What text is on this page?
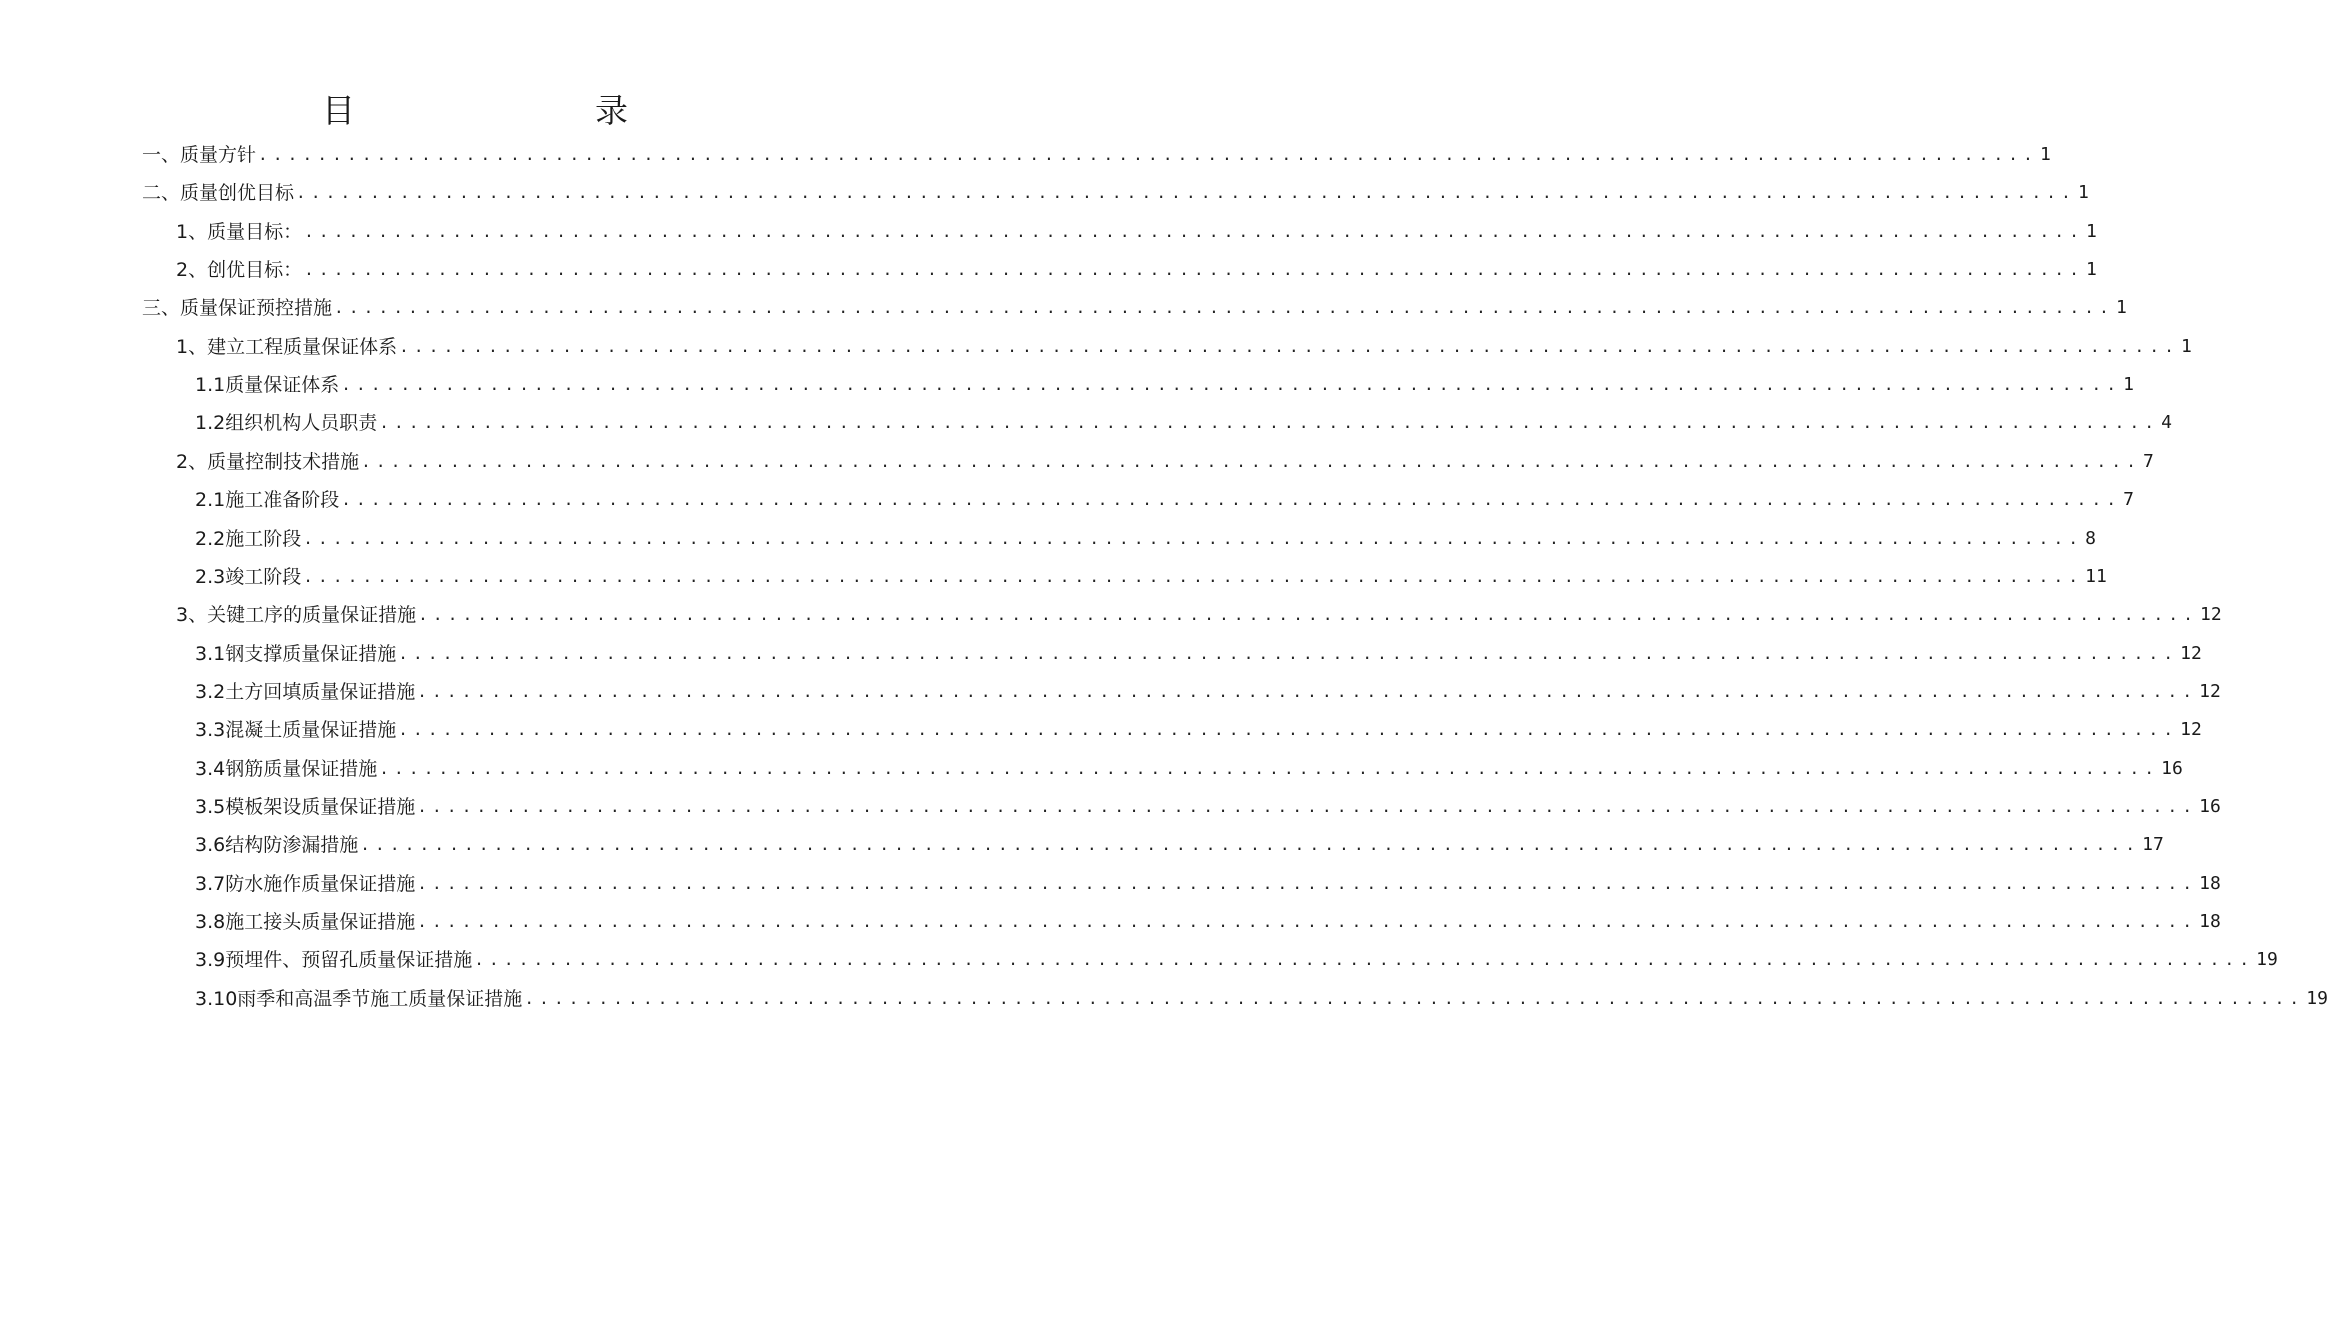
目　　录
一、质量方针 ........................................................................................................................ 1
二、质量创优目标 ........................................................................................................................ 1
1、质量目标： ........................................................................................................................ 1
2、创优目标： ........................................................................................................................ 1
三、质量保证预控措施 ........................................................................................................................ 1
1、建立工程质量保证体系 ........................................................................................................................ 1
1.1质量保证体系 ........................................................................................................................ 1
1.2组织机构人员职责 ........................................................................................................................ 4
2、质量控制技术措施 ........................................................................................................................ 7
2.1施工准备阶段 ........................................................................................................................ 7
2.2施工阶段 ........................................................................................................................ 8
2.3竣工阶段 ........................................................................................................................ 11
3、关键工序的质量保证措施 ........................................................................................................................ 12
3.1钢支撑质量保证措施 ........................................................................................................................ 12
3.2土方回填质量保证措施 ........................................................................................................................ 12
3.3混凝土质量保证措施 ........................................................................................................................ 12
3.4钢筋质量保证措施 ........................................................................................................................ 16
3.5模板架设质量保证措施 ........................................................................................................................ 16
3.6结构防渗漏措施 ........................................................................................................................ 17
3.7防水施作质量保证措施 ........................................................................................................................ 18
3.8施工接头质量保证措施 ........................................................................................................................ 18
3.9预埋件、预留孔质量保证措施 ........................................................................................................................ 19
3.10雨季和高温季节施工质量保证措施 ........................................................................................................................ 19
